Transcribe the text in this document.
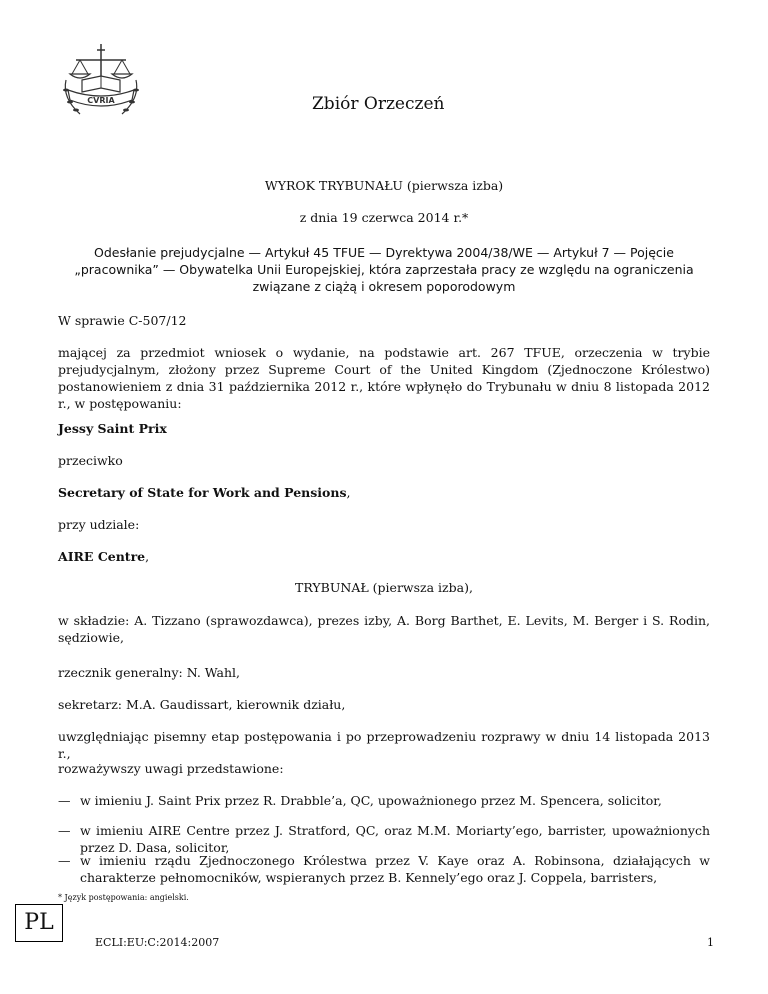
CVRIA	Zbiór Orzeczeń
WYROK TRYBUNAŁU (pierwsza izba)
z dnia 19 czerwca 2014 r.*
Odesłanie prejudycjalne — Artykuł 45 TFUE — Dyrektywa 2004/38/WE — Artykuł 7 — Pojęcie „pracownika” — Obywatelka Unii Europejskiej, która zaprzestała pracy ze względu na ograniczenia związane z ciążą i okresem poporodowym
W sprawie C-507/12
mającej za przedmiot wniosek o wydanie, na podstawie art. 267 TFUE, orzeczenia w trybie prejudycjalnym, złożony przez Supreme Court of the United Kingdom (Zjednoczone Królestwo) postanowieniem z dnia 31 października 2012 r., które wpłynęło do Trybunału w dniu 8 listopada 2012 r., w postępowaniu:
Jessy Saint Prix
przeciwko
Secretary of State for Work and Pensions,
przy udziale:
AIRE Centre,
TRYBUNAŁ (pierwsza izba),
w składzie: A. Tizzano (sprawozdawca), prezes izby, A. Borg Barthet, E. Levits, M. Berger i S. Rodin, sędziowie,
rzecznik generalny: N. Wahl,
sekretarz: M.A. Gaudissart, kierownik działu,
uwzględniając pisemny etap postępowania i po przeprowadzeniu rozprawy w dniu 14 listopada 2013 r.,
rozważywszy uwagi przedstawione:
— w imieniu J. Saint Prix przez R. Drabble’a, QC, upoważnionego przez M. Spencera, solicitor,
— w imieniu AIRE Centre przez J. Stratford, QC, oraz M.M. Moriarty’ego, barrister, upoważnionych przez D. Dasa, solicitor,
— w imieniu rządu Zjednoczonego Królestwa przez V. Kaye oraz A. Robinsona, działających w charakterze pełnomocników, wspieranych przez B. Kennely’ego oraz J. Coppela, barristers,
* Język postępowania: angielski.
PL
ECLI:EU:C:2014:2007	1
